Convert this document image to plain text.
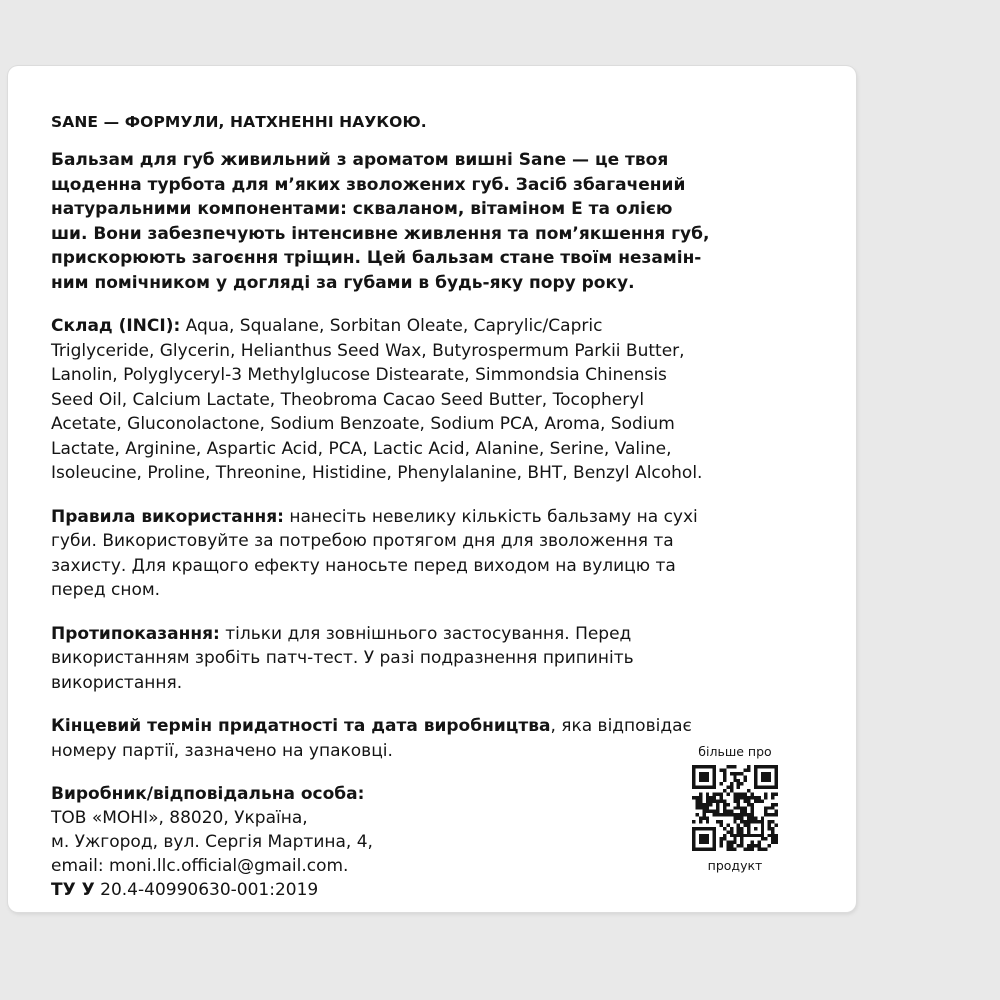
SANE — ФОРМУЛИ, НАТХНЕННІ НАУКОЮ.

Бальзам для губ живильний з ароматом вишні Sane — це твоя
щоденна турбота для м’яких зволожених губ. Засіб збагачений
натуральними компонентами: скваланом, вітаміном Е та олією
ши. Вони забезпечують інтенсивне живлення та пом’якшення губ,
прискорюють загоєння тріщин. Цей бальзам стане твоїм незамін-
ним помічником у догляді за губами в будь-яку пору року.

Склад (INCI): Aqua, Squalane, Sorbitan Oleate, Caprylic/Capric
Triglyceride, Glycerin, Helianthus Seed Wax, Butyrospermum Parkii Butter,
Lanolin, Polyglyceryl-3 Methylglucose Distearate, Simmondsia Chinensis
Seed Oil, Calcium Lactate, Theobroma Cacao Seed Butter, Tocopheryl
Acetate, Gluconolactone, Sodium Benzoate, Sodium PCA, Aroma, Sodium
Lactate, Arginine, Aspartic Acid, PCA, Lactic Acid, Alanine, Serine, Valine,
Isoleucine, Proline, Threonine, Histidine, Phenylalanine, BHT, Benzyl Alcohol.

Правила використання: нанесіть невелику кількість бальзаму на сухі
губи. Використовуйте за потребою протягом дня для зволоження та
захисту. Для кращого ефекту наносьте перед виходом на вулицю та
перед сном.

Протипоказання: тільки для зовнішнього застосування. Перед
використанням зробіть патч-тест. У разі подразнення припиніть
використання.

Кінцевий термін придатності та дата виробництва, яка відповідає
номеру партії, зазначено на упаковці.

Виробник/відповідальна особа:
ТОВ «МОНІ», 88020, Україна,
м. Ужгород, вул. Сергія Мартина, 4,
email: moni.llc.official@gmail.com.
ТУ У 20.4-40990630-001:2019

більше про
продукт
